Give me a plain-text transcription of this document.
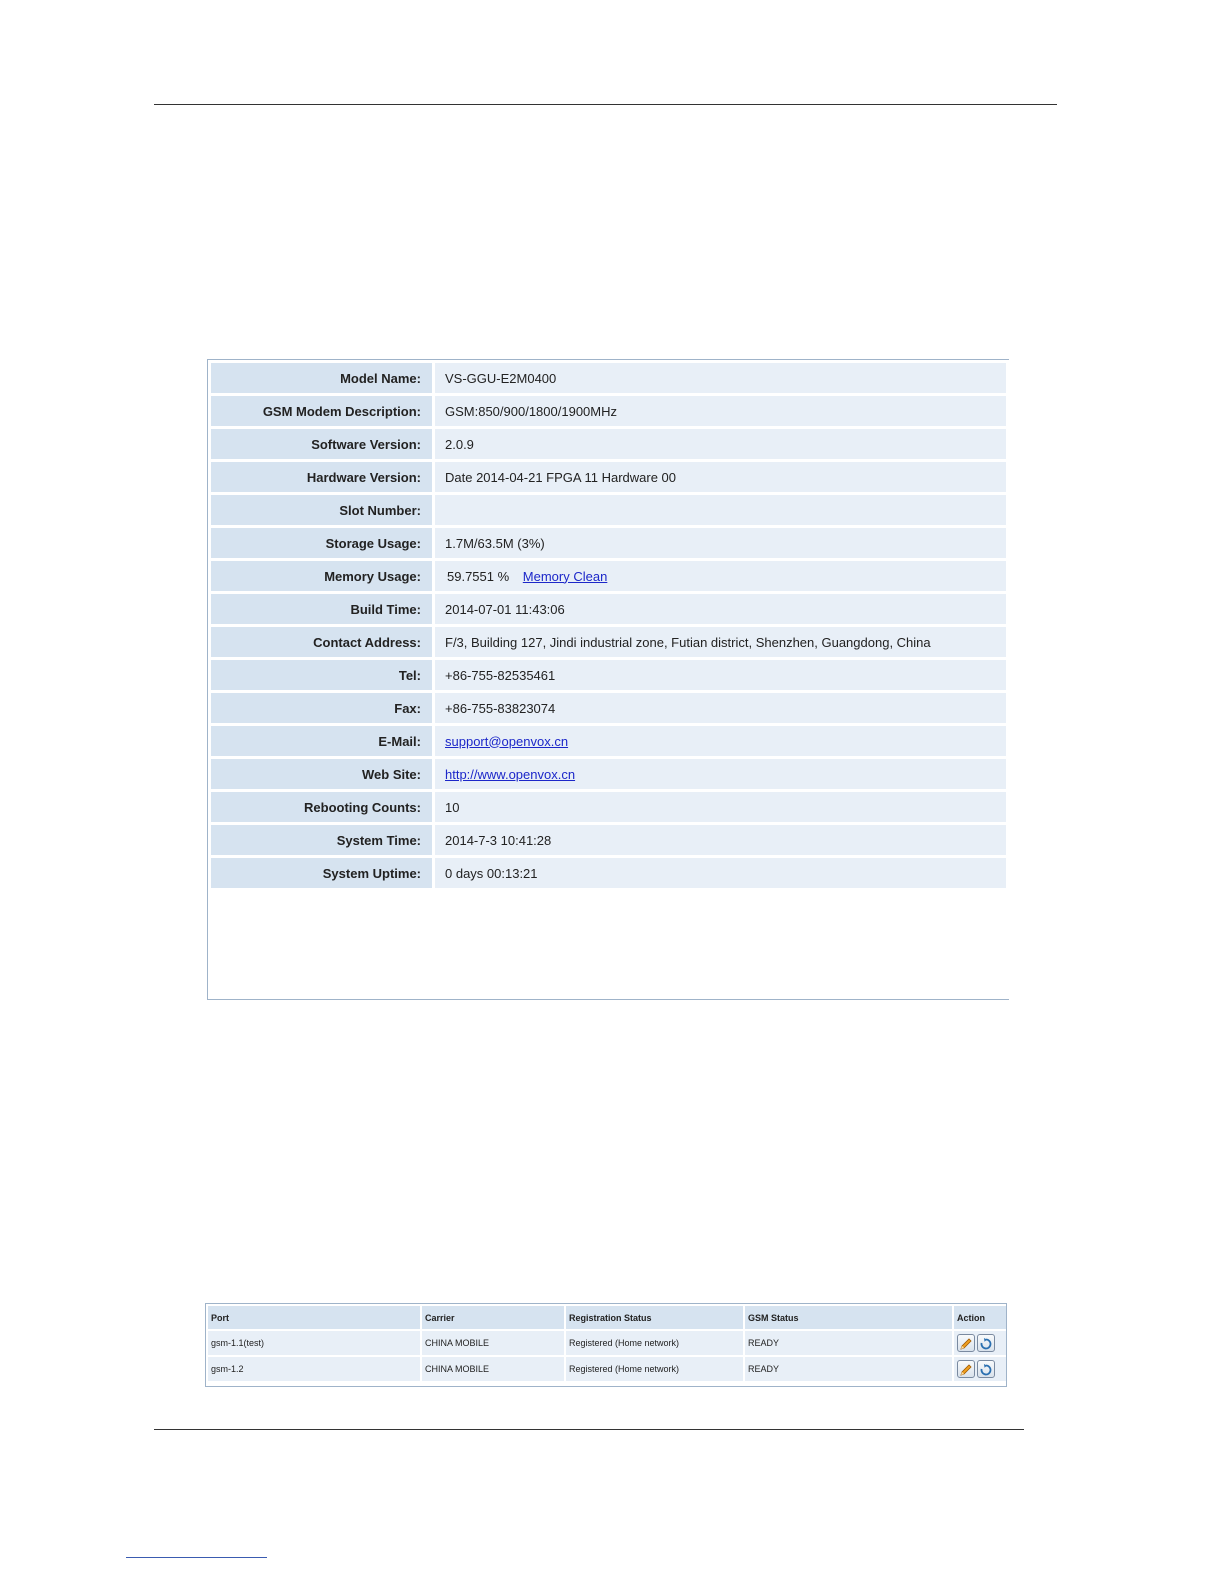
Model Name:	VS-GGU-E2M0400
GSM Modem Description:	GSM:850/900/1800/1900MHz
Software Version:	2.0.9
Hardware Version:	Date 2014-04-21 FPGA 11 Hardware 00
Slot Number:	
Storage Usage:	1.7M/63.5M (3%)
Memory Usage:	59.7551 % Memory Clean
Build Time:	2014-07-01 11:43:06
Contact Address:	F/3, Building 127, Jindi industrial zone, Futian district, Shenzhen, Guangdong, China
Tel:	+86-755-82535461
Fax:	+86-755-83823074
E-Mail:	support@openvox.cn
Web Site:	http://www.openvox.cn
Rebooting Counts:	10
System Time:	2014-7-3 10:41:28
System Uptime:	0 days 00:13:21
Port	Carrier	Registration Status	GSM Status	Action
gsm-1.1(test)	CHINA MOBILE	Registered (Home network)	READY	

gsm-1.2	CHINA MOBILE	Registered (Home network)	READY	
